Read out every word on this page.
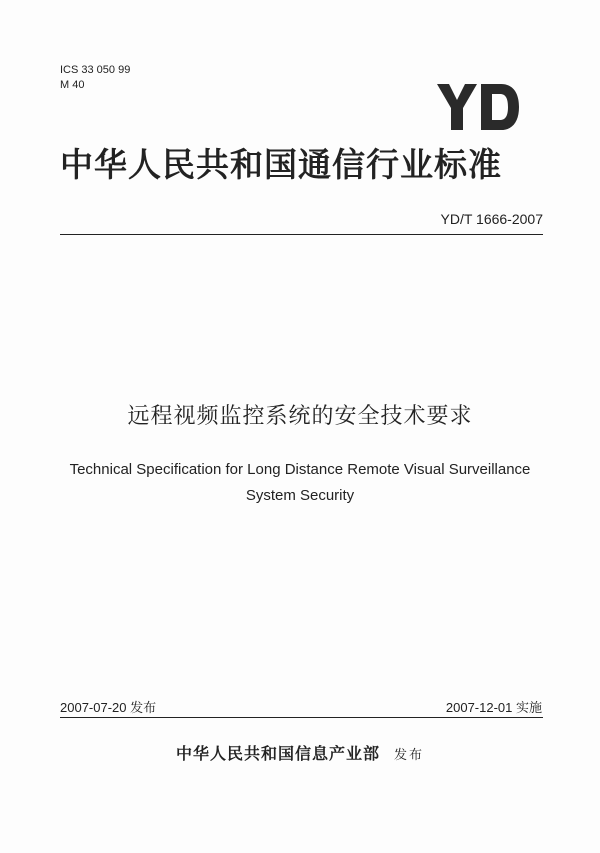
ICS 33 050 99
M 40
中华人民共和国通信行业标准
YD/T 1666-2007
远程视频监控系统的安全技术要求
Technical Specification for Long Distance Remote Visual Surveillance
System Security
2007-07-20 发布	2007-12-01 实施
中华人民共和国信息产业部 发布
